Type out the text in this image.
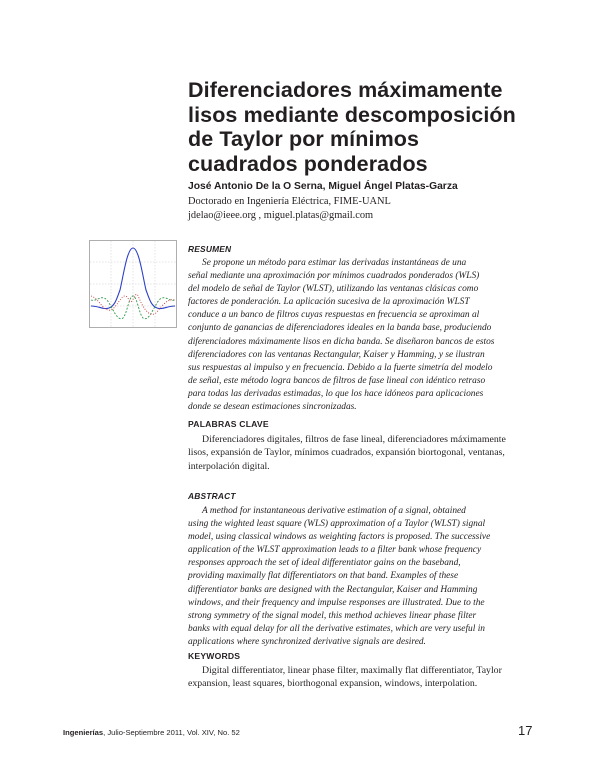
Diferenciadores máximamente
lisos mediante descomposición
de Taylor por mínimos
cuadrados ponderados
José Antonio De la O Serna, Miguel Ángel Platas-Garza
Doctorado en Ingeniería Eléctrica, FIME-UANL
jdelao@ieee.org , miguel.platas@gmail.com
RESUMEN
Se propone un método para estimar las derivadas instantáneas de una
señal mediante una aproximación por mínimos cuadrados ponderados (WLS)
del modelo de señal de Taylor (WLST), utilizando las ventanas clásicas como
factores de ponderación. La aplicación sucesiva de la aproximación WLST
conduce a un banco de filtros cuyas respuestas en frecuencia se aproximan al
conjunto de ganancias de diferenciadores ideales en la banda base, produciendo
diferenciadores máximamente lisos en dicha banda. Se diseñaron bancos de estos
diferenciadores con las ventanas Rectangular, Kaiser y Hamming, y se ilustran
sus respuestas al impulso y en frecuencia. Debido a la fuerte simetría del modelo
de señal, este método logra bancos de filtros de fase lineal con idéntico retraso
para todas las derivadas estimadas, lo que los hace idóneos para aplicaciones
donde se desean estimaciones sincronizadas.
PALABRAS CLAVE
Diferenciadores digitales, filtros de fase lineal, diferenciadores máximamente
lisos, expansión de Taylor, mínimos cuadrados, expansión biortogonal, ventanas,
interpolación digital.
ABSTRACT
A method for instantaneous derivative estimation of a signal, obtained
using the wighted least square (WLS) approximation of a Taylor (WLST) signal
model, using classical windows as weighting factors is proposed. The successive
application of the WLST approximation leads to a filter bank whose frequency
responses approach the set of ideal differentiator gains on the baseband,
providing maximally flat differentiators on that band. Examples of these
differentiator banks are designed with the Rectangular, Kaiser and Hamming
windows, and their frequency and impulse responses are illustrated. Due to the
strong symmetry of the signal model, this method achieves linear phase filter
banks with equal delay for all the derivative estimates, which are very useful in
applications where synchronized derivative signals are desired.
KEYWORDS
Digital differentiator, linear phase filter, maximally flat differentiator, Taylor
expansion, least squares, biorthogonal expansion, windows, interpolation.
Ingenierías, Julio-Septiembre 2011, Vol. XIV, No. 52	17
